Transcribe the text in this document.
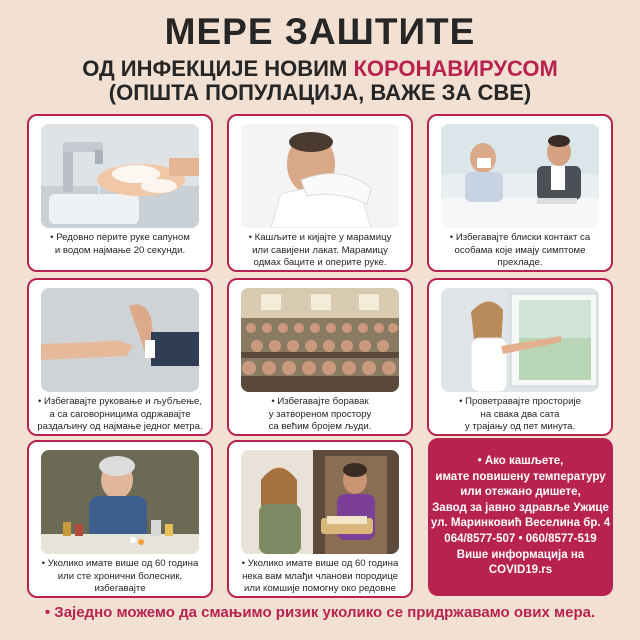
МЕРЕ ЗАШТИТЕ
ОД ИНФЕКЦИЈЕ НОВИМ КОРОНАВИРУСОМ
(ОПШТА ПОПУЛАЦИЈА, ВАЖЕ ЗА СВЕ)
• Редовно перите руке сапуном
и водом најмање 20 секунди.
• Кашљите и кијајте у марамицу
или савијени лакат. Марамицу
одмах баците и оперите руке.
• Избегавајте блиски контакт са
особама које имају симптоме прехладе.
• Избегавајте руковање и љубљење,
а са саговорницима одржавајте
раздаљину од најмање једног метра.
• Избегавајте боравак
у затвореном простору
са већим бројем људи.
• Проветравајте просторије
на свака два сата
у трајању од пет минута.
• Уколико имате више од 60 година
или сте хронични болесник, избегавајте
• Уколико имате више од 60 година
нека вам млађи чланови породице
или комшије помогну око редовне
• Ако кашљете,
имате повишену температуру
или отежано дишете,
Завод за јавно здравље Ужице
ул. Маринковић Веселина бр. 4
064/8577-507 • 060/8577-519
Више информација на
COVID19.rs
• Заједно можемо да смањимо ризик уколико се придржавамо ових мера.
